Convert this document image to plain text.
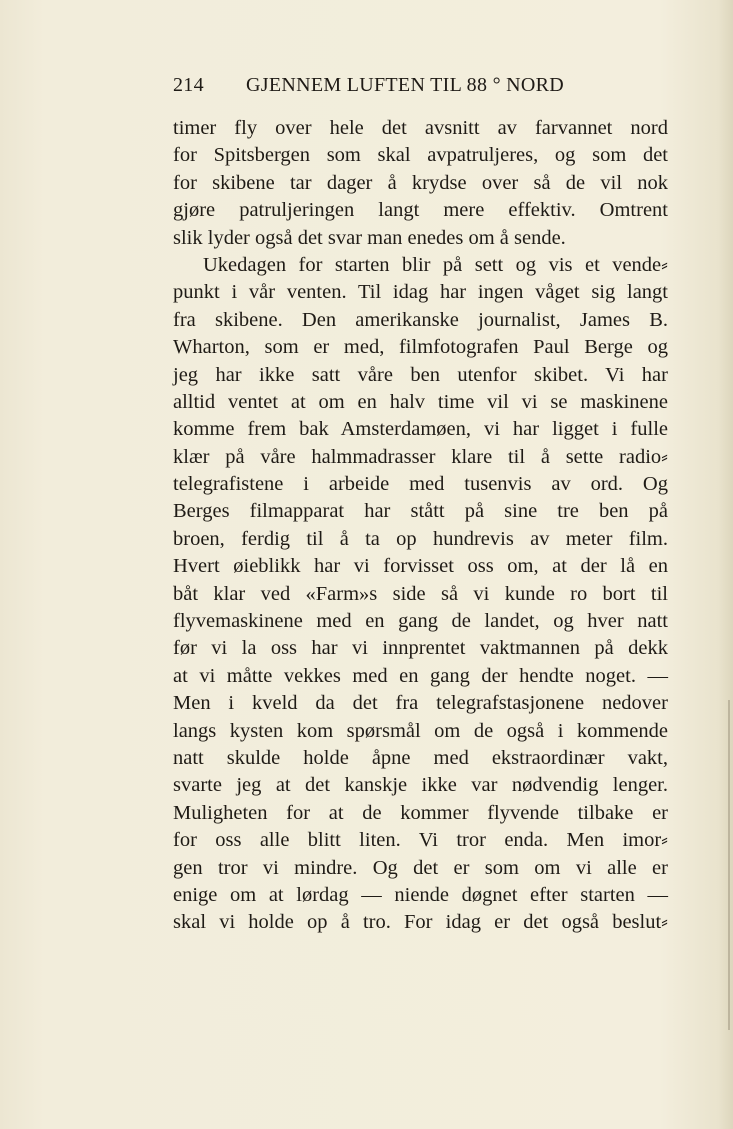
214 GJENNEM LUFTEN TIL 88 ° NORD
timer fly over hele det avsnitt av farvannet nord
for Spitsbergen som skal avpatruljeres, og som det
for skibene tar dager å krydse over så de vil nok
gjøre patruljeringen langt mere effektiv. Omtrent
slik lyder også det svar man enedes om å sende.
Ukedagen for starten blir på sett og vis et vende⸗
punkt i vår venten. Til idag har ingen våget sig langt
fra skibene. Den amerikanske journalist, James B.
Wharton, som er med, filmfotografen Paul Berge og
jeg har ikke satt våre ben utenfor skibet. Vi har
alltid ventet at om en halv time vil vi se maskinene
komme frem bak Amsterdamøen, vi har ligget i fulle
klær på våre halmmadrasser klare til å sette radio⸗
telegrafistene i arbeide med tusenvis av ord. Og
Berges filmapparat har stått på sine tre ben på
broen, ferdig til å ta op hundrevis av meter film.
Hvert øieblikk har vi forvisset oss om, at der lå en
båt klar ved «Farm»s side så vi kunde ro bort til
flyvemaskinene med en gang de landet, og hver natt
før vi la oss har vi innprentet vaktmannen på dekk
at vi måtte vekkes med en gang der hendte noget. —
Men i kveld da det fra telegrafstasjonene nedover
langs kysten kom spørsmål om de også i kommende
natt skulde holde åpne med ekstraordinær vakt,
svarte jeg at det kanskje ikke var nødvendig lenger.
Muligheten for at de kommer flyvende tilbake er
for oss alle blitt liten. Vi tror enda. Men imor⸗
gen tror vi mindre. Og det er som om vi alle er
enige om at lørdag — niende døgnet efter starten —
skal vi holde op å tro. For idag er det også beslut⸗
